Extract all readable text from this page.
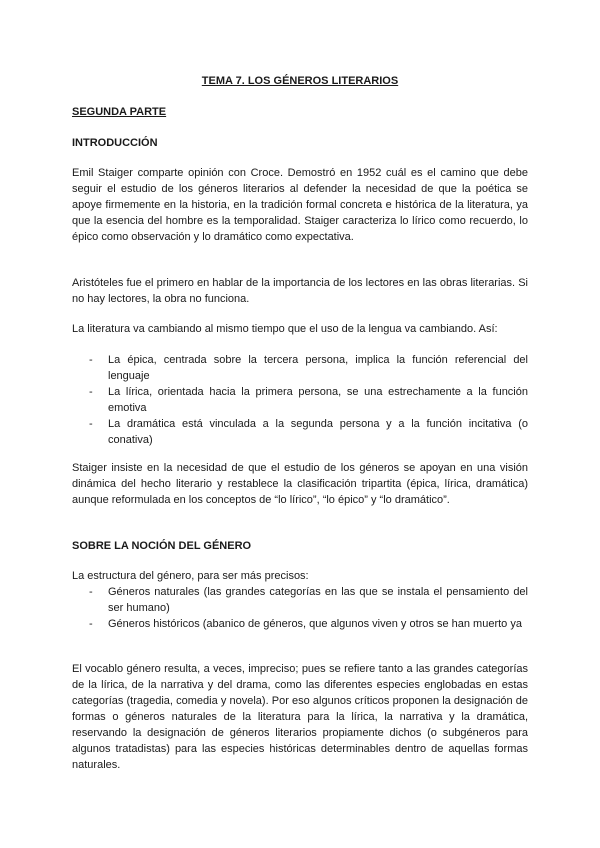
TEMA 7. LOS GÉNEROS LITERARIOS
SEGUNDA PARTE
INTRODUCCIÓN

Emil Staiger comparte opinión con Croce. Demostró en 1952 cuál es el camino que debe seguir el estudio de los géneros literarios al defender la necesidad de que la poética se apoye firmemente en la historia, en la tradición formal concreta e histórica de la literatura, ya que la esencia del hombre es la temporalidad. Staiger caracteriza lo lírico como recuerdo, lo épico como observación y lo dramático como expectativa.

Aristóteles fue el primero en hablar de la importancia de los lectores en las obras literarias. Si no hay lectores, la obra no funciona.

La literatura va cambiando al mismo tiempo que el uso de la lengua va cambiando. Así:

- La épica, centrada sobre la tercera persona, implica la función referencial del lenguaje
- La lírica, orientada hacia la primera persona, se una estrechamente a la función emotiva
- La dramática está vinculada a la segunda persona y a la función incitativa (o conativa)

Staiger insiste en la necesidad de que el estudio de los géneros se apoyan en una visión dinámica del hecho literario y restablece la clasificación tripartita (épica, lírica, dramática) aunque reformulada en los conceptos de “lo lírico”, “lo épico” y “lo dramático”.

SOBRE LA NOCIÓN DEL GÉNERO

La estructura del género, para ser más precisos:

- Géneros naturales (las grandes categorías en las que se instala el pensamiento del ser humano)
- Géneros históricos (abanico de géneros, que algunos viven y otros se han muerto ya

El vocablo género resulta, a veces, impreciso; pues se refiere tanto a las grandes categorías de la lírica, de la narrativa y del drama, como las diferentes especies englobadas en estas categorías (tragedia, comedia y novela). Por eso algunos críticos proponen la designación de formas o géneros naturales de la literatura para la lírica, la narrativa y la dramática, reservando la designación de géneros literarios propiamente dichos (o subgéneros para algunos tratadistas) para las especies históricas determinables dentro de aquellas formas naturales.
